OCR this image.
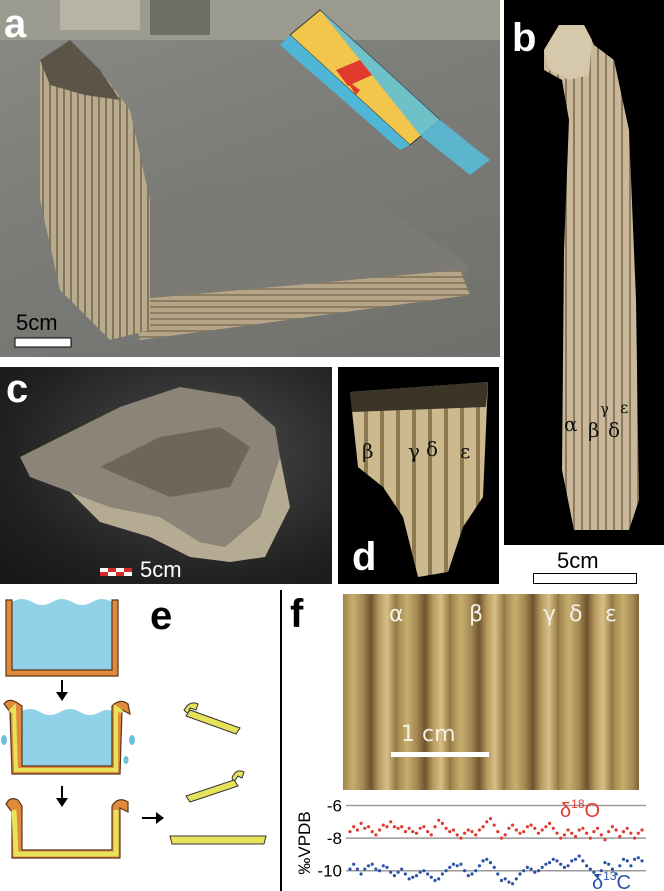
a
5cm
b
α β
γ
δ
ε
5cm
c
5cm
β γ δ ε
d
e	f	α	β	γ δ ε
1 cm
-6
-8
-10
‰VPDB
$\delta^{18}O$
$\delta^{13}C$
